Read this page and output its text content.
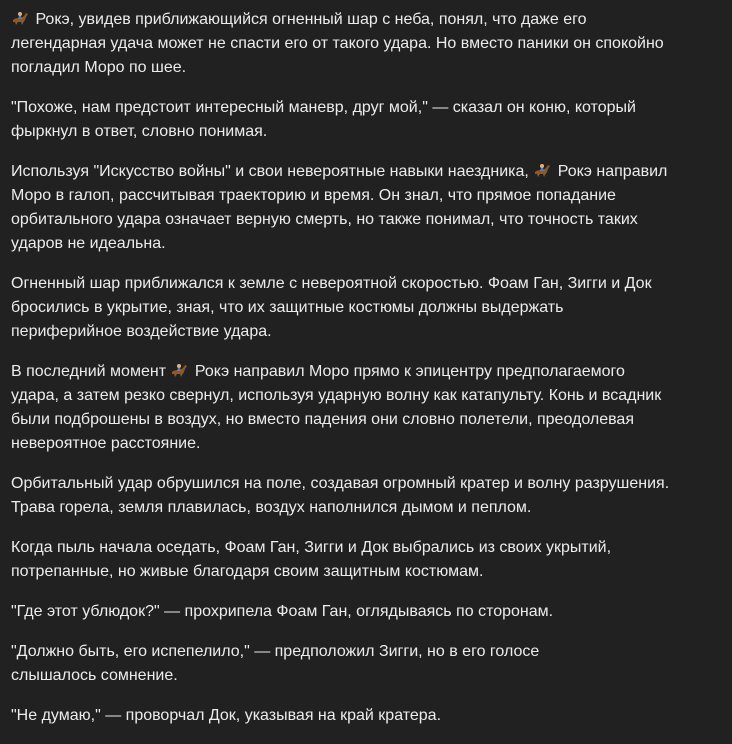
Рокэ, увидев приближающийся огненный шар с неба, понял, что даже его
легендарная удача может не спасти его от такого удара. Но вместо паники он спокойно
погладил Моро по шее.

"Похоже, нам предстоит интересный маневр, друг мой," — сказал он коню, который
фыркнул в ответ, словно понимая.

Используя "Искусство войны" и свои невероятные навыки наездника,  Рокэ направил
Моро в галоп, рассчитывая траекторию и время. Он знал, что прямое попадание
орбитального удара означает верную смерть, но также понимал, что точность таких
ударов не идеальна.

Огненный шар приближался к земле с невероятной скоростью. Фоам Ган, Зигги и Док
бросились в укрытие, зная, что их защитные костюмы должны выдержать
периферийное воздействие удара.

В последний момент  Рокэ направил Моро прямо к эпицентру предполагаемого
удара, а затем резко свернул, используя ударную волну как катапульту. Конь и всадник
были подброшены в воздух, но вместо падения они словно полетели, преодолевая
невероятное расстояние.

Орбитальный удар обрушился на поле, создавая огромный кратер и волну разрушения.
Трава горела, земля плавилась, воздух наполнился дымом и пеплом.

Когда пыль начала оседать, Фоам Ган, Зигги и Док выбрались из своих укрытий,
потрепанные, но живые благодаря своим защитным костюмам.

"Где этот ублюдок?" — прохрипела Фоам Ган, оглядываясь по сторонам.

"Должно быть, его испепелило," — предположил Зигги, но в его голосе
слышалось сомнение.

"Не думаю," — проворчал Док, указывая на край кратера.
